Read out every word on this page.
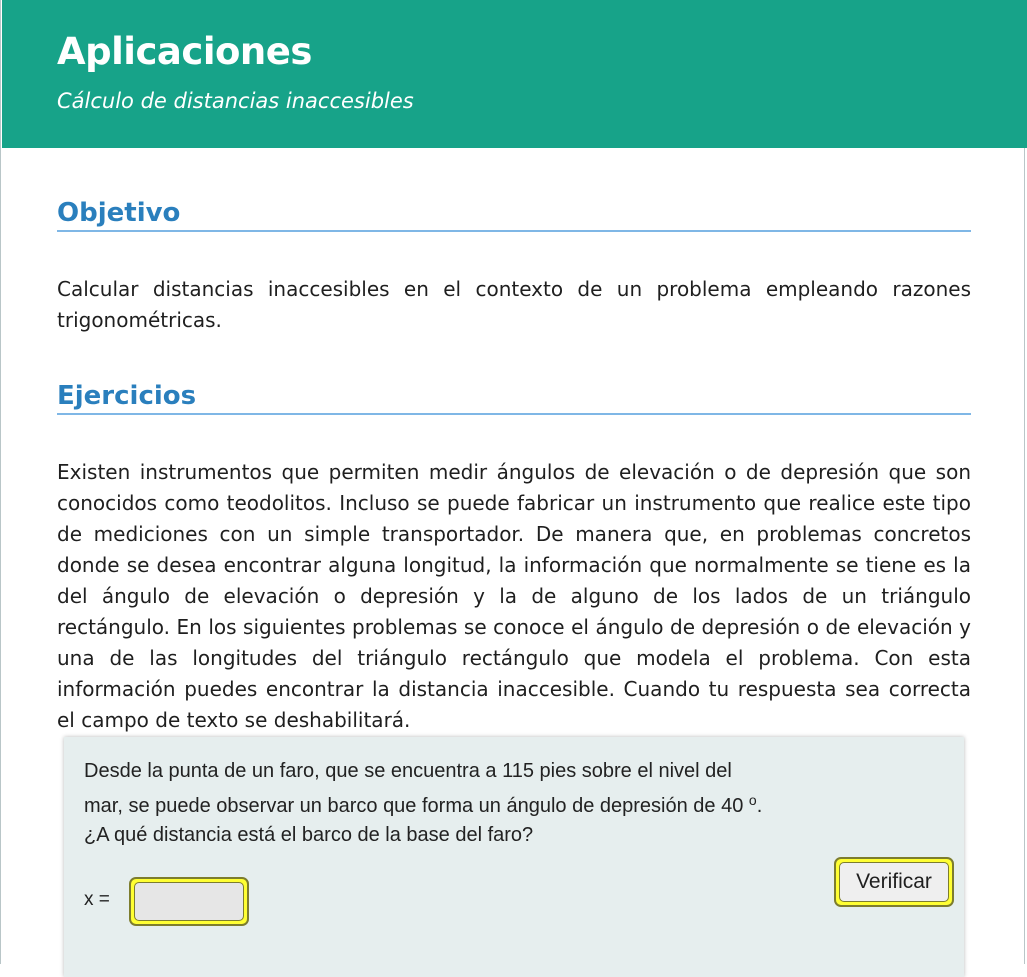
Aplicaciones

Cálculo de distancias inaccesibles

Objetivo

Calcular distancias inaccesibles en el contexto de un problema empleando razones trigonométricas.

Ejercicios

Existen instrumentos que permiten medir ángulos de elevación o de depresión que son conocidos como teodolitos. Incluso se puede fabricar un instrumento que realice este tipo de mediciones con un simple transportador. De manera que, en problemas concretos donde se desea encontrar alguna longitud, la información que normalmente se tiene es la del ángulo de elevación o depresión y la de alguno de los lados de un triángulo rectángulo. En los siguientes problemas se conoce el ángulo de depresión o de elevación y una de las longitudes del triángulo rectángulo que modela el problema. Con esta información puedes encontrar la distancia inaccesible. Cuando tu respuesta sea correcta el campo de texto se deshabilitará.

Desde la punta de un faro, que se encuentra a 115 pies sobre el nivel del
mar, se puede observar un barco que forma un ángulo de depresión de 40 $^o$.
¿A qué distancia está el barco de la base del faro?

x =
Verificar
